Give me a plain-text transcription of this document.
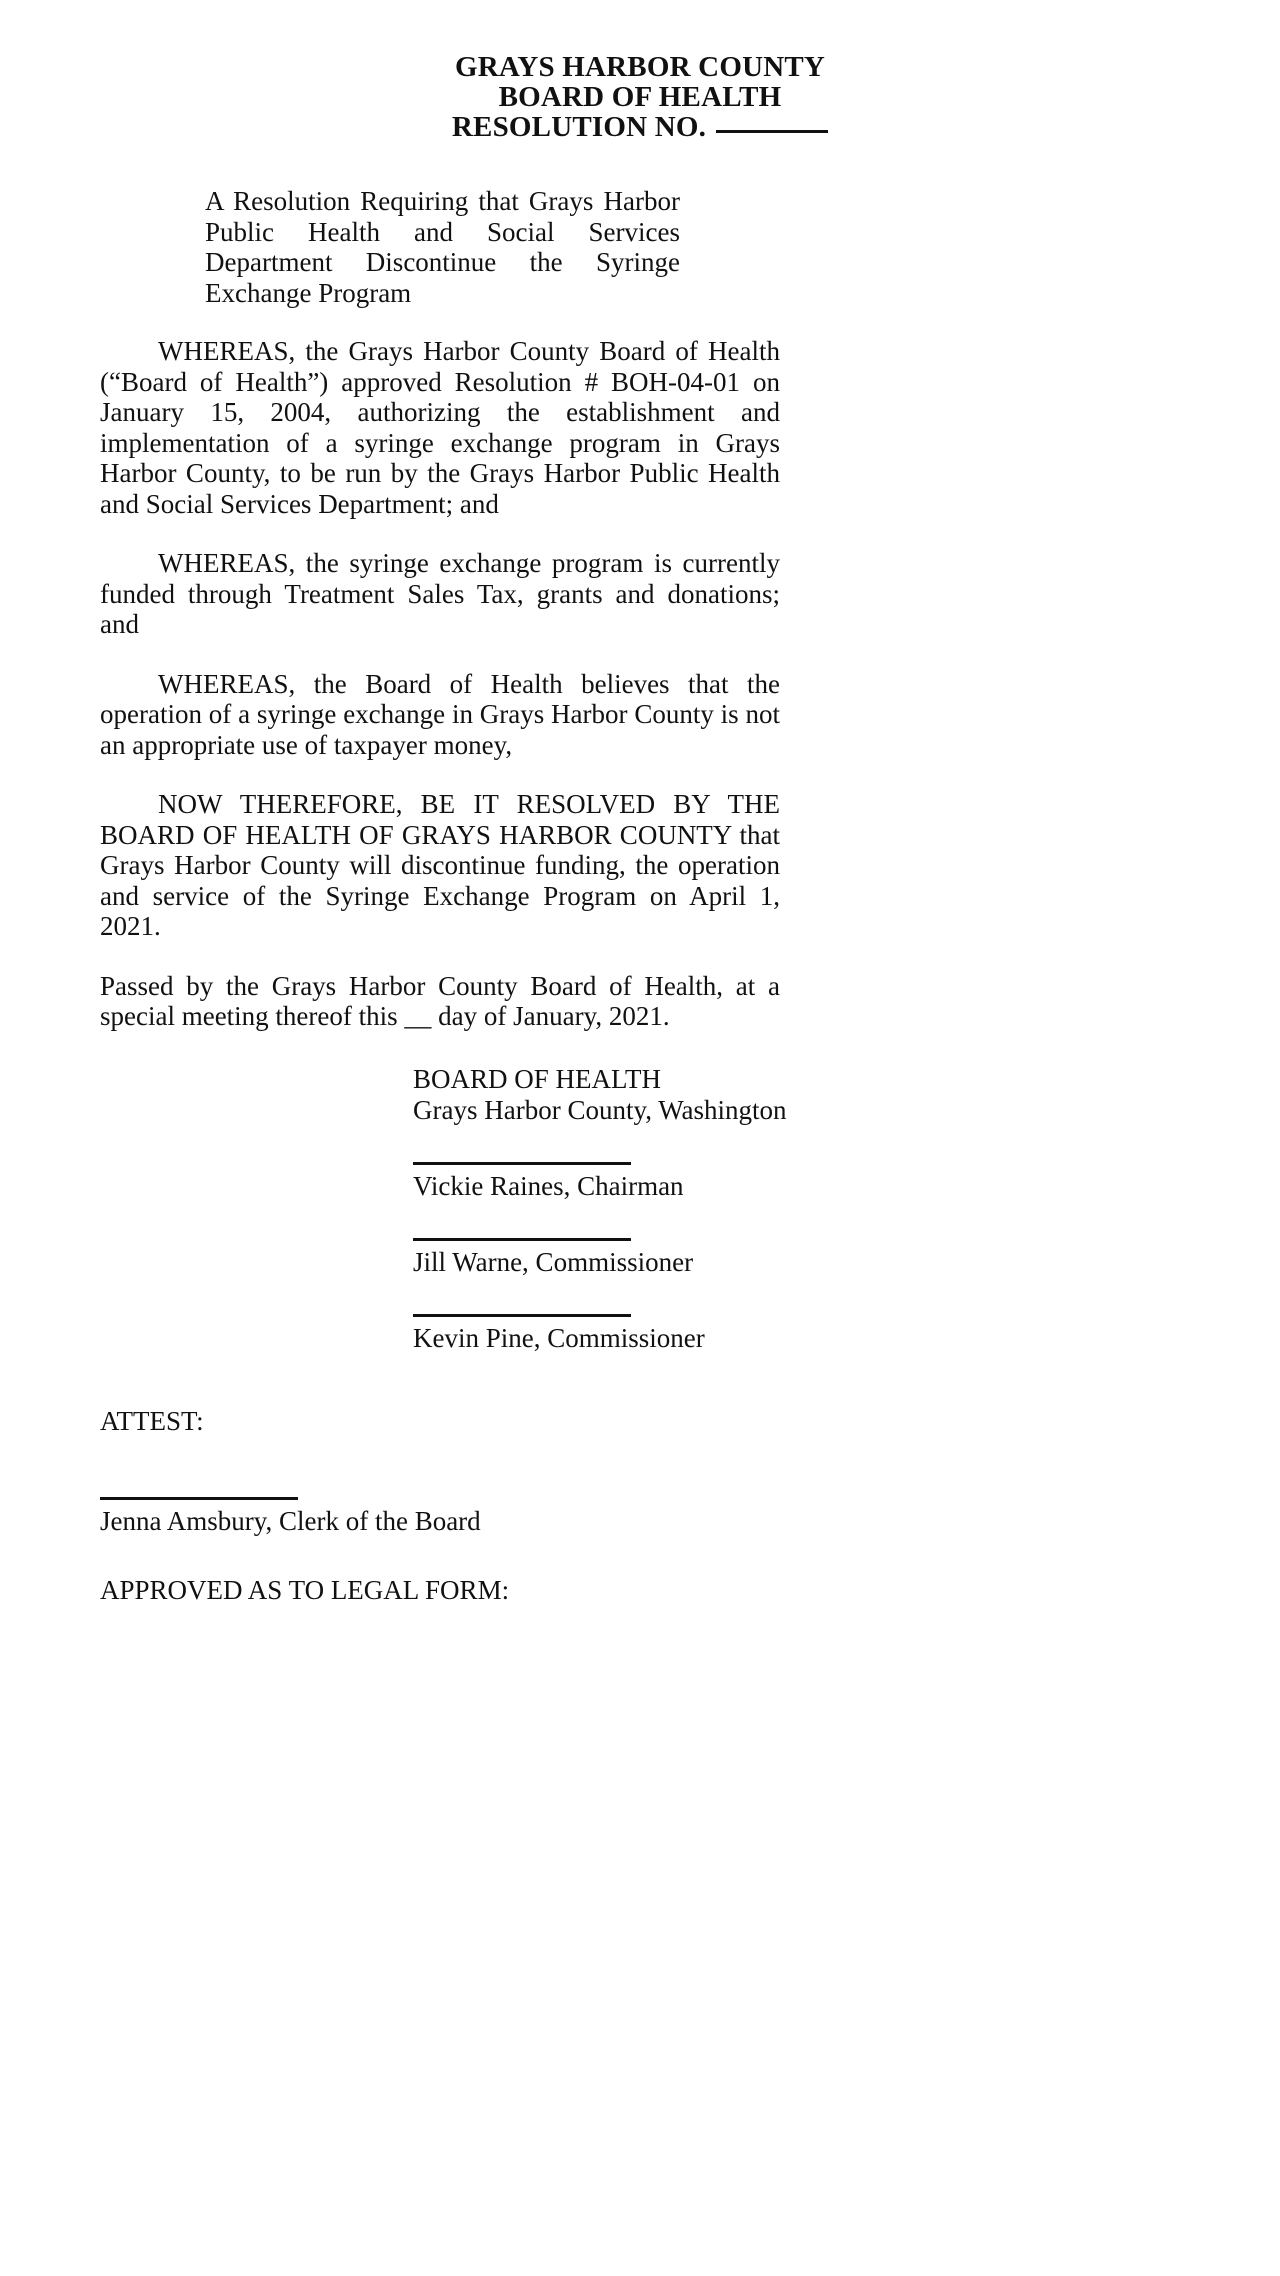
GRAYS HARBOR COUNTY
BOARD OF HEALTH
RESOLUTION NO.
A Resolution Requiring that Grays Harbor Public Health and Social Services Department Discontinue the Syringe Exchange Program

WHEREAS, the Grays Harbor County Board of Health (“Board of Health”) approved Resolution # BOH-04-01 on January 15, 2004, authorizing the establishment and implementation of a syringe exchange program in Grays Harbor County, to be run by the Grays Harbor Public Health and Social Services Department; and

WHEREAS, the syringe exchange program is currently funded through Treatment Sales Tax, grants and donations; and

WHEREAS, the Board of Health believes that the operation of a syringe exchange in Grays Harbor County is not an appropriate use of taxpayer money,

NOW THEREFORE, BE IT RESOLVED BY THE BOARD OF HEALTH OF GRAYS HARBOR COUNTY that Grays Harbor County will discontinue funding, the operation and service of the Syringe Exchange Program on April 1, 2021.

Passed by the Grays Harbor County Board of Health, at a special meeting thereof this __ day of January, 2021.

BOARD OF HEALTH
Grays Harbor County, Washington
Vickie Raines, Chairman
Jill Warne, Commissioner
Kevin Pine, Commissioner
ATTEST:
Jenna Amsbury, Clerk of the Board
APPROVED AS TO LEGAL FORM:
